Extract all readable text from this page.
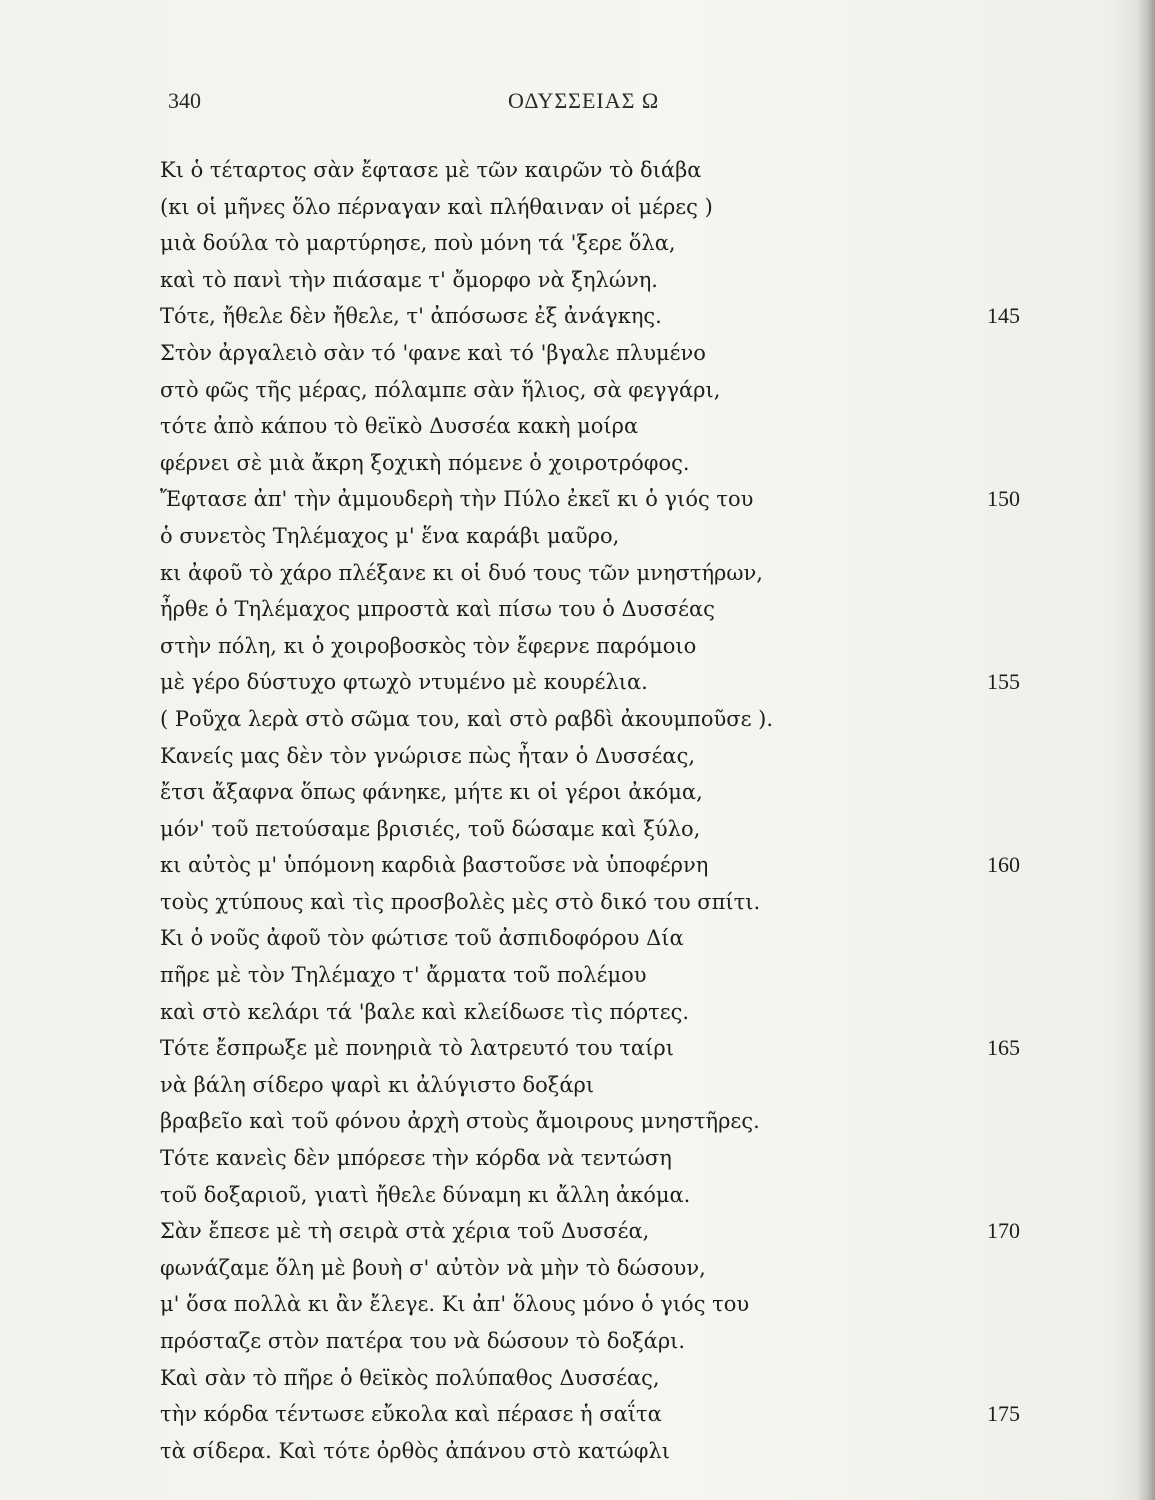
340	ΟΔΥΣΣΕΙΑΣ Ω
Κι ὁ τέταρτος σὰν ἔφτασε μὲ τῶν καιρῶν τὸ διάβα
(κι οἱ μῆνες ὅλο πέρναγαν καὶ πλήθαιναν οἱ μέρες )
μιὰ δούλα τὸ μαρτύρησε, ποὺ μόνη τά 'ξερε ὅλα,
καὶ τὸ πανὶ τὴν πιάσαμε τ' ὄμορφο νὰ ξηλώνη.
Τότε, ἤθελε δὲν ἤθελε, τ' ἀπόσωσε ἐξ ἀνάγκης.	145
Στὸν ἀργαλειὸ σὰν τό 'φανε καὶ τό 'βγαλε πλυμένο
στὸ φῶς τῆς μέρας, πόλαμπε σὰν ἥλιος, σὰ φεγγάρι,
τότε ἀπὸ κάπου τὸ θεϊκὸ Δυσσέα κακὴ μοίρα
φέρνει σὲ μιὰ ἄκρη ξοχικὴ πόμενε ὁ χοιροτρόφος.
Ἔφτασε ἀπ' τὴν ἀμμουδερὴ τὴν Πύλο ἐκεῖ κι ὁ γιός του	150
ὁ συνετὸς Τηλέμαχος μ' ἕνα καράβι μαῦρο,
κι ἀφοῦ τὸ χάρο πλέξανε κι οἱ δυό τους τῶν μνηστήρων,
ἦρθε ὁ Τηλέμαχος μπροστὰ καὶ πίσω του ὁ Δυσσέας
στὴν πόλη, κι ὁ χοιροβοσκὸς τὸν ἔφερνε παρόμοιο
μὲ γέρο δύστυχο φτωχὸ ντυμένο μὲ κουρέλια.	155
( Ροῦχα λερὰ στὸ σῶμα του, καὶ στὸ ραβδὶ ἀκουμποῦσε ).
Κανείς μας δὲν τὸν γνώρισε πὼς ἦταν ὁ Δυσσέας,
ἔτσι ἄξαφνα ὅπως φάνηκε, μήτε κι οἱ γέροι ἀκόμα,
μόν' τοῦ πετούσαμε βρισιές, τοῦ δώσαμε καὶ ξύλο,
κι αὐτὸς μ' ὑπόμονη καρδιὰ βαστοῦσε νὰ ὑποφέρνη	160
τοὺς χτύπους καὶ τὶς προσβολὲς μὲς στὸ δικό του σπίτι.
Κι ὁ νοῦς ἀφοῦ τὸν φώτισε τοῦ ἀσπιδοφόρου Δία
πῆρε μὲ τὸν Τηλέμαχο τ' ἄρματα τοῦ πολέμου
καὶ στὸ κελάρι τά 'βαλε καὶ κλείδωσε τὶς πόρτες.
Τότε ἔσπρωξε μὲ πονηριὰ τὸ λατρευτό του ταίρι	165
νὰ βάλη σίδερο ψαρὶ κι ἀλύγιστο δοξάρι
βραβεῖο καὶ τοῦ φόνου ἀρχὴ στοὺς ἄμοιρους μνηστῆρες.
Τότε κανεὶς δὲν μπόρεσε τὴν κόρδα νὰ τεντώση
τοῦ δοξαριοῦ, γιατὶ ἤθελε δύναμη κι ἄλλη ἀκόμα.
Σὰν ἔπεσε μὲ τὴ σειρὰ στὰ χέρια τοῦ Δυσσέα,	170
φωνάζαμε ὅλη μὲ βουὴ σ' αὐτὸν νὰ μὴν τὸ δώσουν,
μ' ὅσα πολλὰ κι ἂν ἔλεγε. Κι ἀπ' ὅλους μόνο ὁ γιός του
πρόσταζε στὸν πατέρα του νὰ δώσουν τὸ δοξάρι.
Καὶ σὰν τὸ πῆρε ὁ θεϊκὸς πολύπαθος Δυσσέας,
τὴν κόρδα τέντωσε εὔκολα καὶ πέρασε ἡ σαΐτα	175
τὰ σίδερα. Καὶ τότε ὀρθὸς ἀπάνου στὸ κατώφλι
